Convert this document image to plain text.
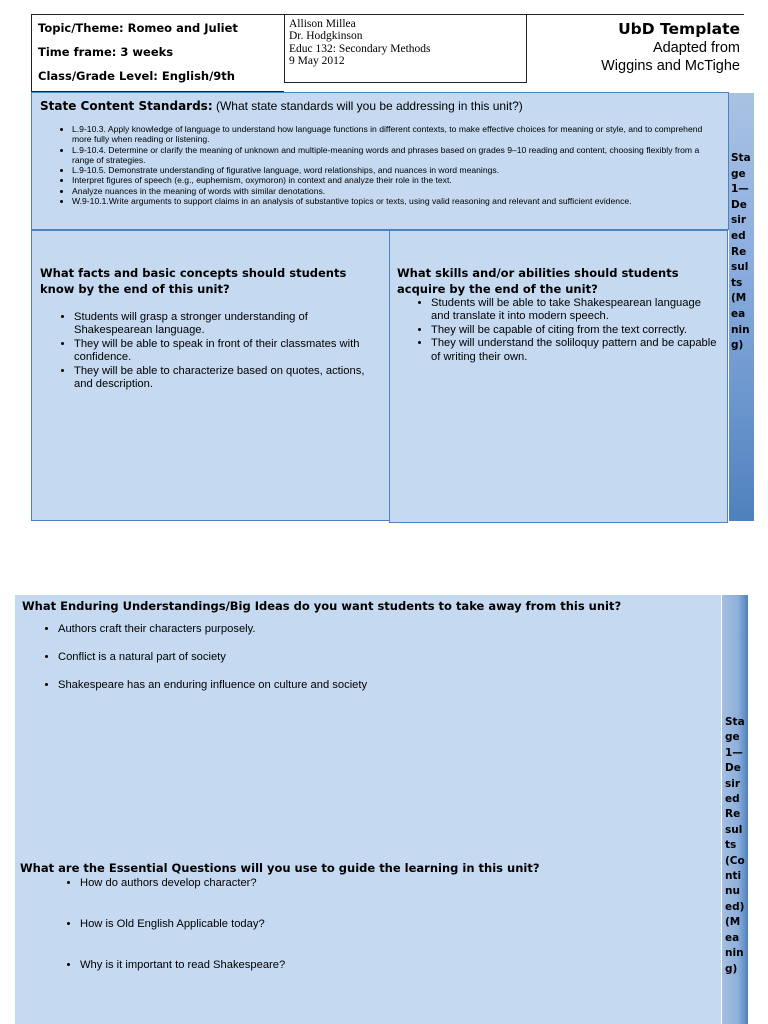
Topic/Theme: Romeo and Juliet
Time frame: 3 weeks
Class/Grade Level: English/9th
Allison Millea
Dr. Hodgkinson
Educ 132: Secondary Methods
9 May 2012
UbD Template
Adapted from
Wiggins and McTighe
State Content Standards: (What state standards will you be addressing in this unit?)
• L.9-10.3. Apply knowledge of language to understand how language functions in different contexts, to make effective choices for meaning or style, and to comprehend more fully when reading or listening.
• L.9-10.4. Determine or clarify the meaning of unknown and multiple-meaning words and phrases based on grades 9–10 reading and content, choosing flexibly from a range of strategies.
• L.9-10.5. Demonstrate understanding of figurative language, word relationships, and nuances in word meanings.
• Interpret figures of speech (e.g., euphemism, oxymoron) in context and analyze their role in the text.
• Analyze nuances in the meaning of words with similar denotations.
• W.9-10.1.Write arguments to support claims in an analysis of substantive topics or texts, using valid reasoning and relevant and sufficient evidence.
What facts and basic concepts should students know by the end of this unit?
• Students will grasp a stronger understanding of Shakespearean language.
• They will be able to speak in front of their classmates with confidence.
• They will be able to characterize based on quotes, actions, and description.
What skills and/or abilities should students acquire by the end of the unit?
• Students will be able to take Shakespearean language and translate it into modern speech.
• They will be capable of citing from the text correctly.
• They will understand the soliloquy pattern and be capable of writing their own.
Sta
ge
1—
De
sir
ed
Re
sul
ts
(M
ea
nin
g)
What Enduring Understandings/Big Ideas do you want students to take away from this unit?
• Authors craft their characters purposely.
• Conflict is a natural part of society
• Shakespeare has an enduring influence on culture and society
What are the Essential Questions will you use to guide the learning in this unit?
• How do authors develop character?
• How is Old English Applicable today?
• Why is it important to read Shakespeare?
Sta
ge
1—
De
sir
ed
Re
sul
ts
(Co
nti
nu
ed)
(M
ea
nin
g)
